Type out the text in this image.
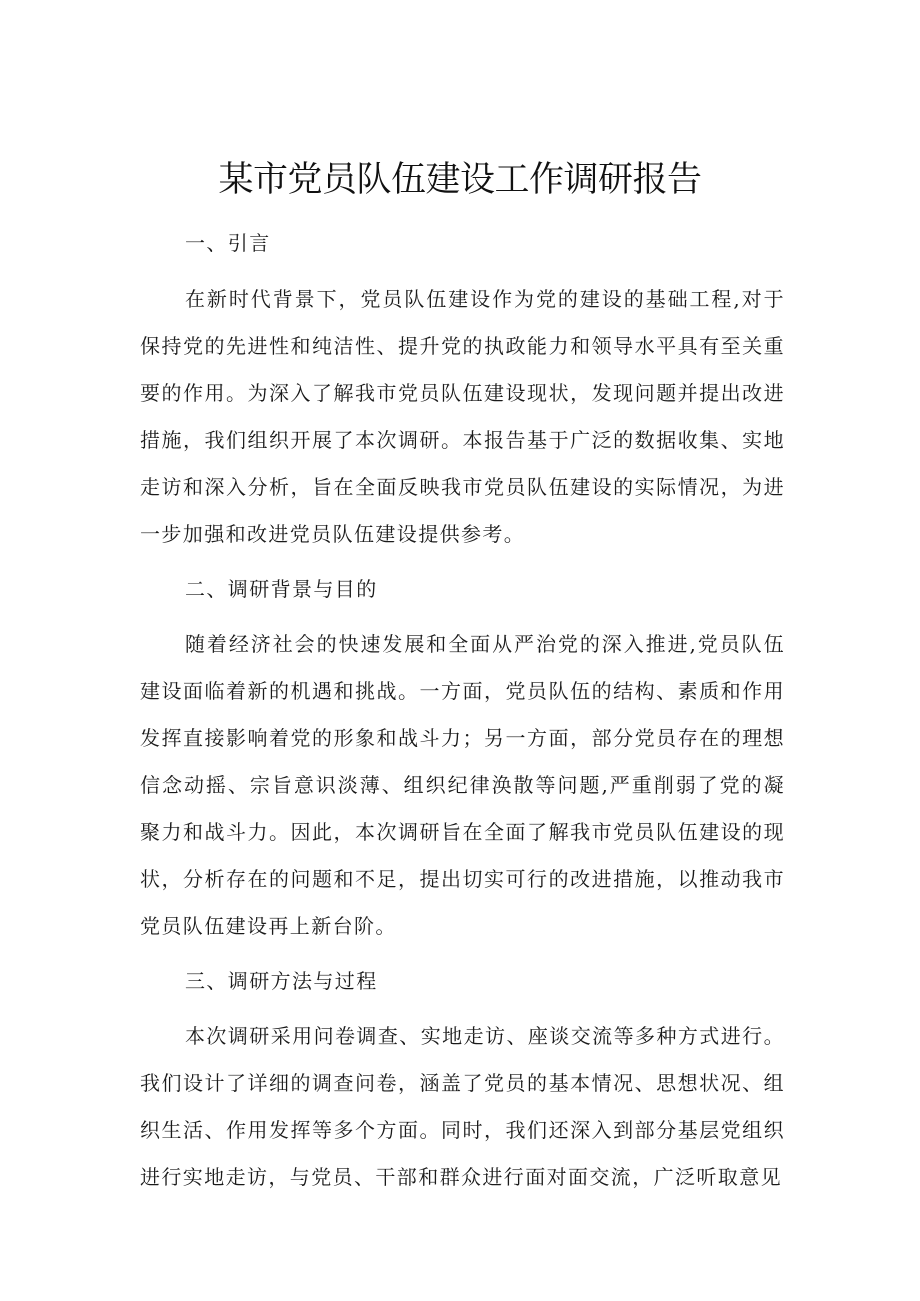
某市党员队伍建设工作调研报告
一、引言

在新时代背景下，党员队伍建设作为党的建设的基础工程,对于保持党的先进性和纯洁性、提升党的执政能力和领导水平具有至关重要的作用。为深入了解我市党员队伍建设现状，发现问题并提出改进措施，我们组织开展了本次调研。本报告基于广泛的数据收集、实地走访和深入分析，旨在全面反映我市党员队伍建设的实际情况，为进一步加强和改进党员队伍建设提供参考。

二、调研背景与目的

随着经济社会的快速发展和全面从严治党的深入推进,党员队伍建设面临着新的机遇和挑战。一方面，党员队伍的结构、素质和作用发挥直接影响着党的形象和战斗力；另一方面，部分党员存在的理想信念动摇、宗旨意识淡薄、组织纪律涣散等问题,严重削弱了党的凝聚力和战斗力。因此，本次调研旨在全面了解我市党员队伍建设的现状，分析存在的问题和不足，提出切实可行的改进措施，以推动我市党员队伍建设再上新台阶。

三、调研方法与过程

本次调研采用问卷调查、实地走访、座谈交流等多种方式进行。我们设计了详细的调查问卷，涵盖了党员的基本情况、思想状况、组织生活、作用发挥等多个方面。同时，我们还深入到部分基层党组织进行实地走访，与党员、干部和群众进行面对面交流，广泛听取意见
